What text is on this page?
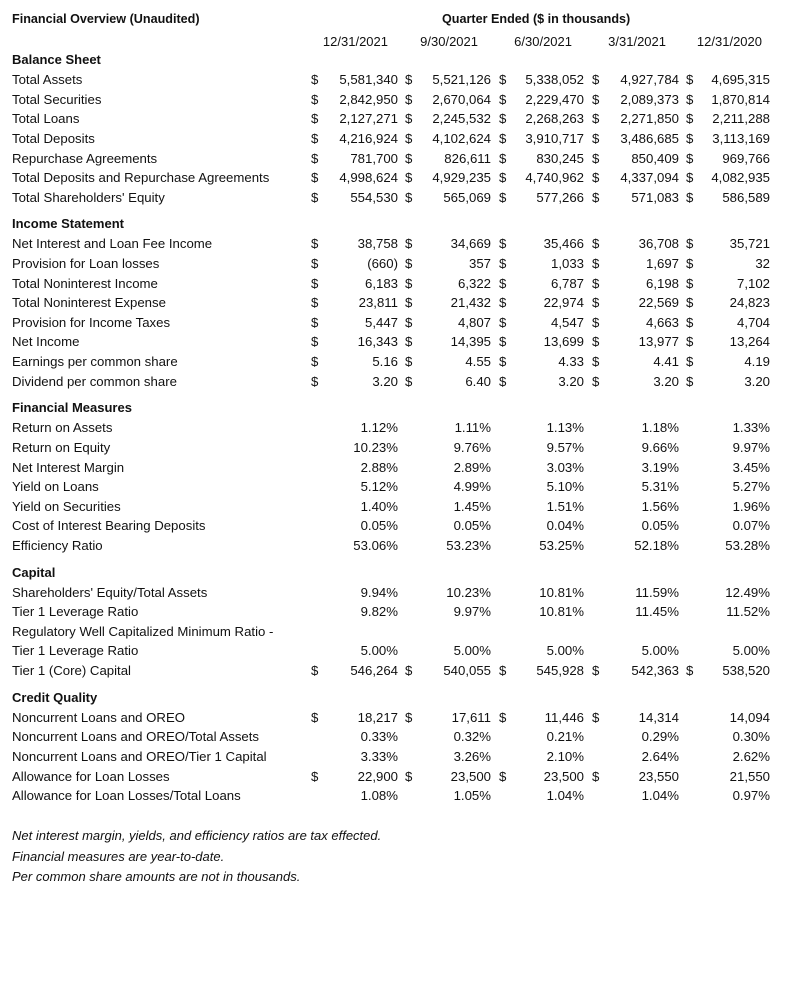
Financial Overview (Unaudited)	Quarter Ended ($ in thousands)
12/31/2021	9/30/2021	6/30/2021	3/31/2021	12/31/2020
Balance Sheet
Total Assets	$	5,581,340 $	5,521,126 $	5,338,052 $	4,927,784 $	4,695,315
Total Securities	$	2,842,950 $	2,670,064 $	2,229,470 $	2,089,373 $	1,870,814
Total Loans	$	2,127,271 $	2,245,532 $	2,268,263 $	2,271,850 $	2,211,288
Total Deposits	$	4,216,924 $	4,102,624 $	3,910,717 $	3,486,685 $	3,113,169
Repurchase Agreements	$	781,700 $	826,611 $	830,245 $	850,409 $	969,766
Total Deposits and Repurchase Agreements	$	4,998,624 $	4,929,235 $	4,740,962 $	4,337,094 $	4,082,935
Total Shareholders' Equity	$	554,530 $	565,069 $	577,266 $	571,083 $	586,589
Income Statement
Net Interest and Loan Fee Income	$	38,758 $	34,669 $	35,466 $	36,708 $	35,721
Provision for Loan losses	$	(660) $	357 $	1,033 $	1,697 $	32
Total Noninterest Income	$	6,183 $	6,322 $	6,787 $	6,198 $	7,102
Total Noninterest Expense	$	23,811 $	21,432 $	22,974 $	22,569 $	24,823
Provision for Income Taxes	$	5,447 $	4,807 $	4,547 $	4,663 $	4,704
Net Income	$	16,343 $	14,395 $	13,699 $	13,977 $	13,264
Earnings per common share	$	5.16 $	4.55 $	4.33 $	4.41 $	4.19
Dividend per common share	$	3.20 $	6.40 $	3.20 $	3.20 $	3.20
Financial Measures
Return on Assets	1.12%	1.11%	1.13%	1.18%	1.33%
Return on Equity	10.23%	9.76%	9.57%	9.66%	9.97%
Net Interest Margin	2.88%	2.89%	3.03%	3.19%	3.45%
Yield on Loans	5.12%	4.99%	5.10%	5.31%	5.27%
Yield on Securities	1.40%	1.45%	1.51%	1.56%	1.96%
Cost of Interest Bearing Deposits	0.05%	0.05%	0.04%	0.05%	0.07%
Efficiency Ratio	53.06%	53.23%	53.25%	52.18%	53.28%
Capital
Shareholders' Equity/Total Assets	9.94%	10.23%	10.81%	11.59%	12.49%
Tier 1 Leverage Ratio	9.82%	9.97%	10.81%	11.45%	11.52%
Regulatory Well Capitalized Minimum Ratio -
Tier 1 Leverage Ratio	5.00%	5.00%	5.00%	5.00%	5.00%
Tier 1 (Core) Capital	$	546,264 $	540,055 $	545,928 $	542,363 $	538,520
Credit Quality
Noncurrent Loans and OREO	$	18,217 $	17,611 $	11,446 $	14,314	14,094
Noncurrent Loans and OREO/Total Assets	0.33%	0.32%	0.21%	0.29%	0.30%
Noncurrent Loans and OREO/Tier 1 Capital	3.33%	3.26%	2.10%	2.64%	2.62%
Allowance for Loan Losses	$	22,900 $	23,500 $	23,500 $	23,550	21,550
Allowance for Loan Losses/Total Loans	1.08%	1.05%	1.04%	1.04%	0.97%
Net interest margin, yields, and efficiency ratios are tax effected.
Financial measures are year-to-date.
Per common share amounts are not in thousands.
